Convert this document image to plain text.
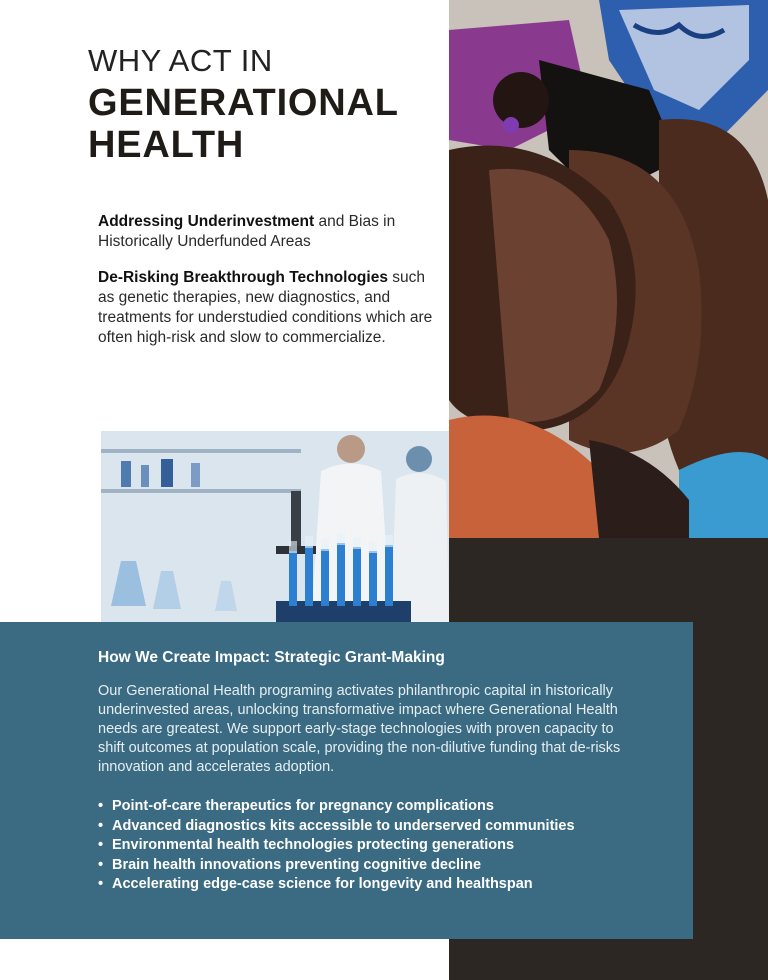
WHY ACT IN
GENERATIONAL
HEALTH

Addressing Underinvestment and Bias in Historically Underfunded Areas

De-Risking Breakthrough Technologies such as genetic therapies, new diagnostics, and treatments for understudied conditions which are often high-risk and slow to commercialize.

How We Create Impact: Strategic Grant-Making

Our Generational Health programing activates philanthropic capital in historically underinvested areas, unlocking transformative impact where Generational Health needs are greatest. We support early-stage technologies with proven capacity to shift outcomes at population scale, providing the non-dilutive funding that de-risks innovation and accelerates adoption.

• Point-of-care therapeutics for pregnancy complications
• Advanced diagnostics kits accessible to underserved communities
• Environmental health technologies protecting generations
• Brain health innovations preventing cognitive decline
• Accelerating edge-case science for longevity and healthspan
